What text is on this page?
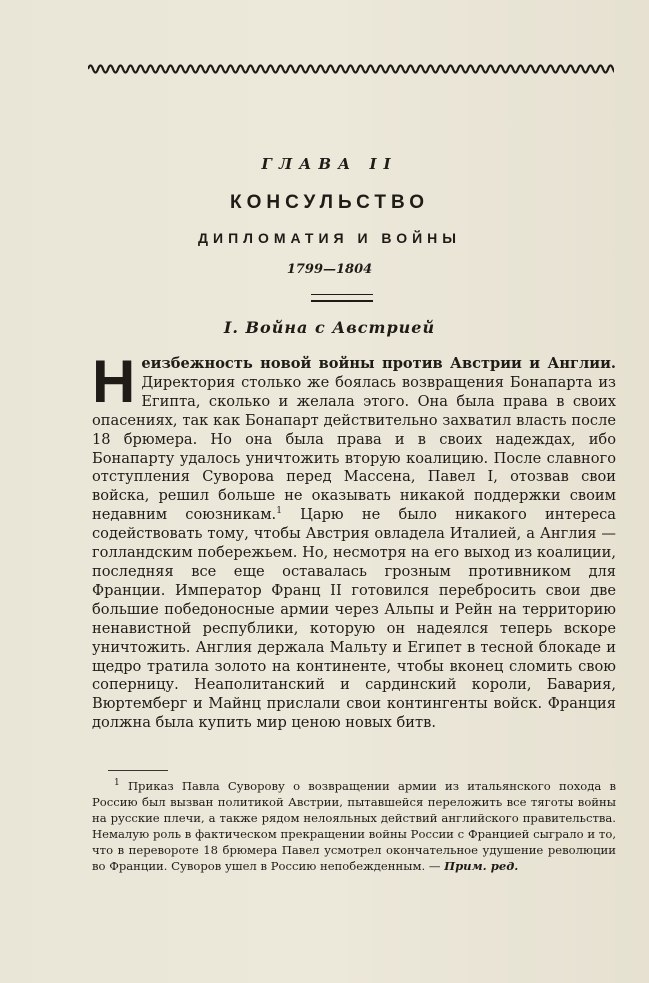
ГЛАВА II
КОНСУЛЬСТВО
ДИПЛОМАТИЯ И ВОЙНЫ
1799—1804
I. Война с Австрией
Неизбежность новой войны против Австрии и Англии. Директория столько же боялась возвращения Бонапарта из Египта, сколько и желала этого. Она была права в своих опасениях, так как Бонапарт действительно захватил власть после 18 брюмера. Но она была права и в своих надеждах, ибо Бонапарту удалось уничтожить вторую коалицию. После славного отступления Суворова перед Массена, Павел I, отозвав свои войска, решил больше не оказывать никакой поддержки своим недавним союзникам.$^1$ Царю не было никакого интереса содействовать тому, чтобы Австрия овладела Италией, а Англия — голландским побережьем. Но, несмотря на его выход из коалиции, последняя все еще оставалась грозным противником для Франции. Император Франц II готовился перебросить свои две большие победоносные армии через Альпы и Рейн на территорию ненавистной республики, которую он надеялся теперь вскоре уничтожить. Англия держала Мальту и Египет в тесной блокаде и щедро тратила золото на континенте, чтобы вконец сломить свою соперницу. Неаполитанский и сардинский короли, Бавария, Вюртемберг и Майнц прислали свои контингенты войск. Франция должна была купить мир ценою новых битв.
$^1$ Приказ Павла Суворову о возвращении армии из итальянского похода в Россию был вызван политикой Австрии, пытавшейся переложить все тяготы войны на русские плечи, а также рядом нелояльных действий английского правительства. Немалую роль в фактическом прекращении войны России с Францией сыграло и то, что в перевороте 18 брюмера Павел усмотрел окончательное удушение революции во Франции. Суворов ушел в Россию непобежденным. — Прим. ред.
